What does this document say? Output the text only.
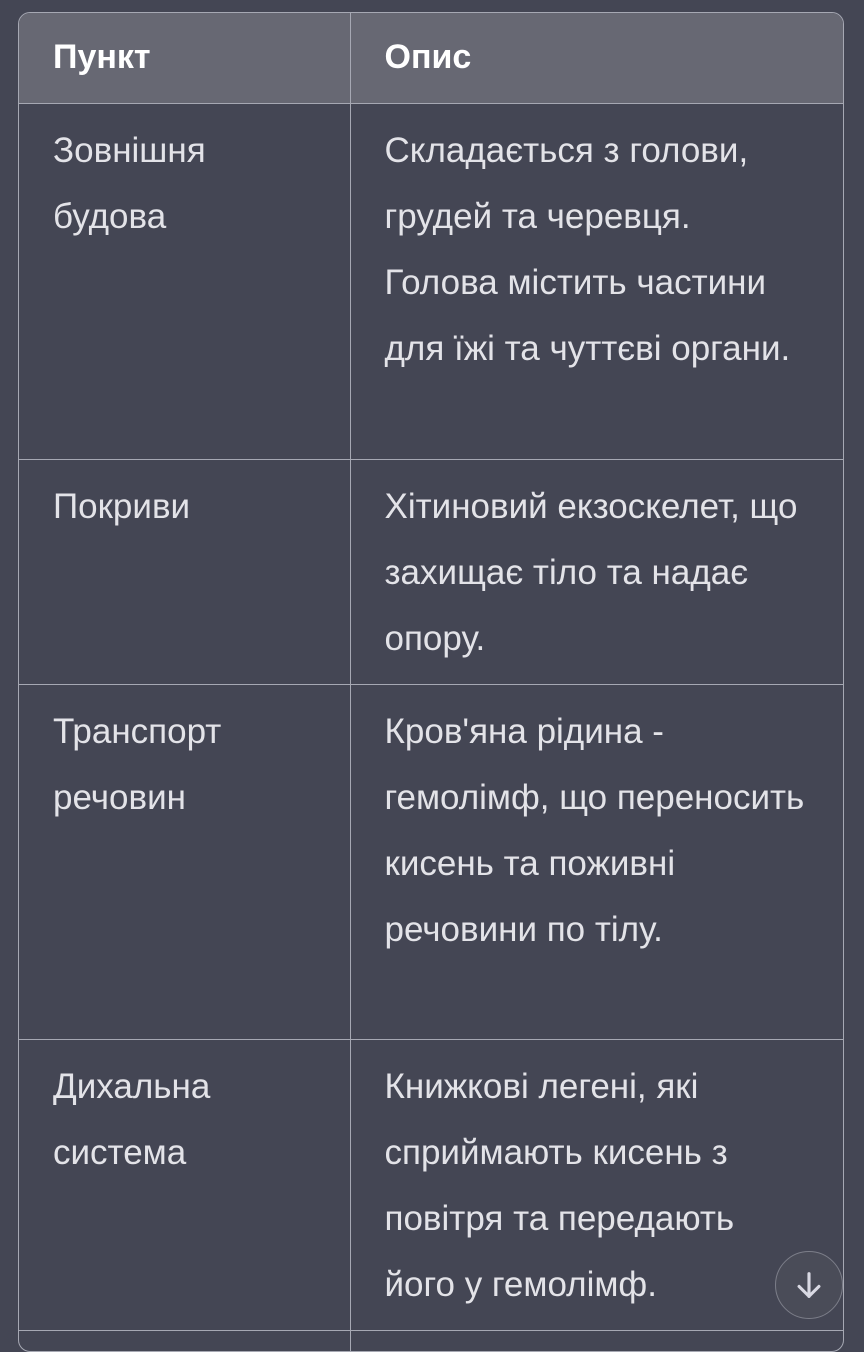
Пункт	Опис
Зовнішня будова	Складається з голови, грудей та черевця. Голова містить частини для їжі та чуттєві органи.
Покриви	Хітиновий екзоскелет, що захищає тіло та надає опору.
Транспорт речовин	Кров'яна рідина - гемолімф, що переносить кисень та поживні речовини по тілу.
Дихальна система	Книжкові легені, які сприймають кисень з повітря та передають його у гемолімф.
